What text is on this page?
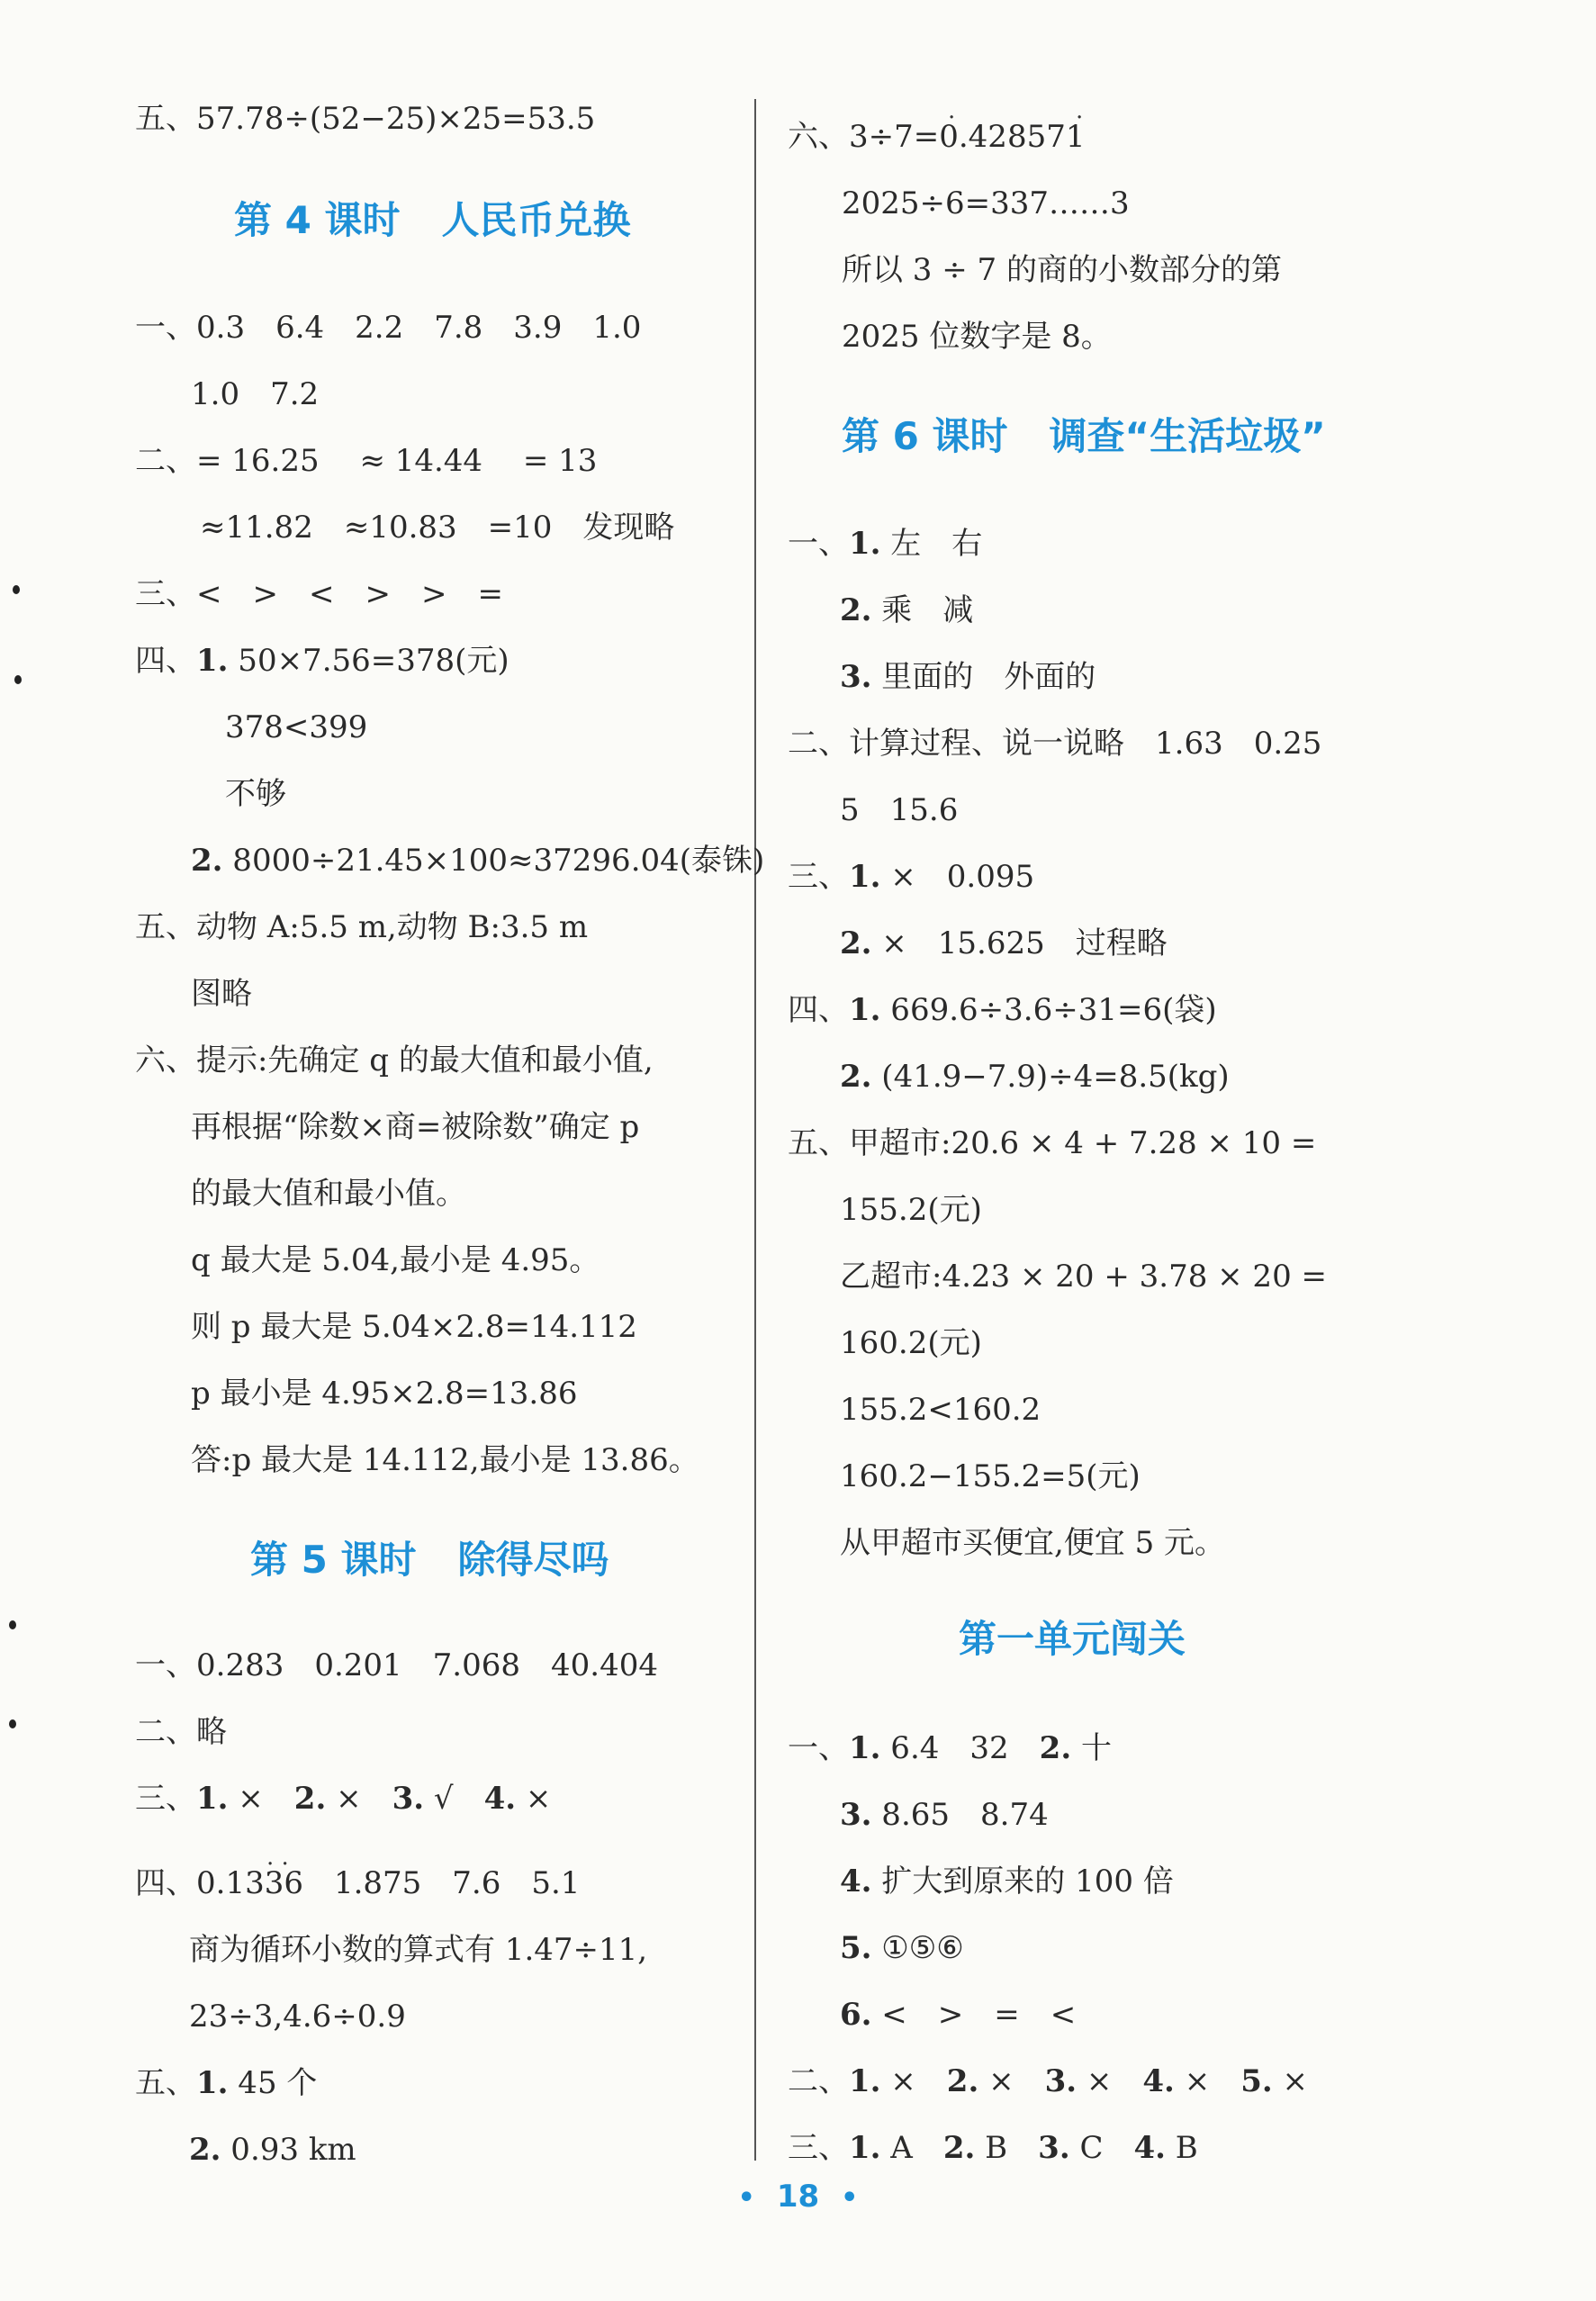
五、57.78÷(52−25)×25=53.5
第 4 课时 人民币兑换
一、0.3　6.4　2.2　7.8　3.9　1.0
1.0　7.2
二、= 16.25　 ≈ 14.44　 = 13
≈11.82　≈10.83　=10　发现略
三、<　>　<　>　>　=
四、1. 50×7.56=378(元)
378<399
不够
2. 8000÷21.45×100≈37296.04(泰铢)
五、动物 A:5.5 m,动物 B:3.5 m
图略
六、提示:先确定 q 的最大值和最小值,
再根据“除数×商=被除数”确定 p
的最大值和最小值。
q 最大是 5.04,最小是 4.95。
则 p 最大是 5.04×2.8=14.112
p 最小是 4.95×2.8=13.86
答:p 最大是 14.112,最小是 13.86。
第 5 课时 除得尽吗
一、0.283　0.201　7.068　40.404
二、略
三、1. ×　2. ×　3. √　4. ×
. .
四、0.1336　1.875　7.6　5.1
商为循环小数的算式有 1.47÷11,
23÷3,4.6÷0.9
五、1. 45 个
2. 0.93 km
.	.
六、3÷7=0.428571
2025÷6=337……3
所以 3 ÷ 7 的商的小数部分的第
2025 位数字是 8。
第 6 课时 调查“生活垃圾”
一、1. 左　右
2. 乘　减
3. 里面的　外面的
二、计算过程、说一说略　1.63　0.25
5　15.6
三、1. ×　0.095
2. ×　15.625　过程略
四、1. 669.6÷3.6÷31=6(袋)
2. (41.9−7.9)÷4=8.5(kg)
五、甲超市:20.6 × 4 + 7.28 × 10 =
155.2(元)
乙超市:4.23 × 20 + 3.78 × 20 =
160.2(元)
155.2<160.2
160.2−155.2=5(元)
从甲超市买便宜,便宜 5 元。
第一单元闯关
一、1. 6.4　32　2. 十
3. 8.65　8.74
4. 扩大到原来的 100 倍
5. ①⑤⑥
6. <　>　=　<
二、1. ×　2. ×　3. ×　4. ×　5. ×
三、1. A　2. B　3. C　4. B
• 18 •
